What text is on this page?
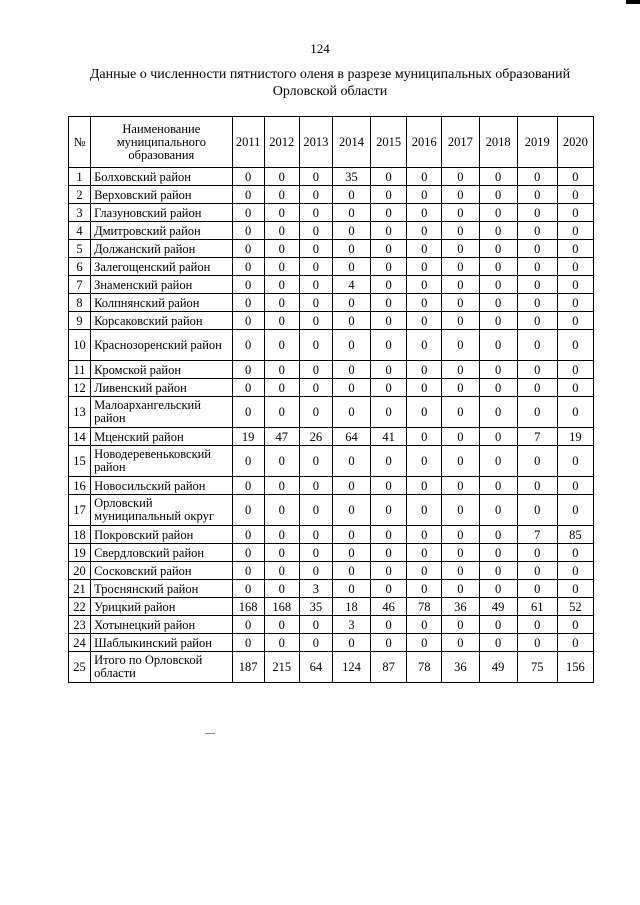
124
Данные о численности пятнистого оленя в разрезе муниципальных образований
Орловской области
№	Наименование муниципального образования	2011	2012	2013	2014	2015	2016	2017	2018	2019	2020
1	Болховский район	0	0	0	35	0	0	0	0	0	0
2	Верховский район	0	0	0	0	0	0	0	0	0	0
3	Глазуновский район	0	0	0	0	0	0	0	0	0	0
4	Дмитровский район	0	0	0	0	0	0	0	0	0	0
5	Должанский район	0	0	0	0	0	0	0	0	0	0
6	Залегощенский район	0	0	0	0	0	0	0	0	0	0
7	Знаменский район	0	0	0	4	0	0	0	0	0	0
8	Колпнянский район	0	0	0	0	0	0	0	0	0	0
9	Корсаковский район	0	0	0	0	0	0	0	0	0	0
10	Краснозоренский район	0	0	0	0	0	0	0	0	0	0
11	Кромской район	0	0	0	0	0	0	0	0	0	0
12	Ливенский район	0	0	0	0	0	0	0	0	0	0
13	Малоархангельский район	0	0	0	0	0	0	0	0	0	0
14	Мценский район	19	47	26	64	41	0	0	0	7	19
15	Новодеревеньковский район	0	0	0	0	0	0	0	0	0	0
16	Новосильский район	0	0	0	0	0	0	0	0	0	0
17	Орловский муниципальный округ	0	0	0	0	0	0	0	0	0	0
18	Покровский район	0	0	0	0	0	0	0	0	7	85
19	Свердловский район	0	0	0	0	0	0	0	0	0	0
20	Сосковский район	0	0	0	0	0	0	0	0	0	0
21	Троснянский район	0	0	3	0	0	0	0	0	0	0
22	Урицкий район	168	168	35	18	46	78	36	49	61	52
23	Хотынецкий район	0	0	0	3	0	0	0	0	0	0
24	Шаблыкинский район	0	0	0	0	0	0	0	0	0	0
25	Итого по Орловской области	187	215	64	124	87	78	36	49	75	156
